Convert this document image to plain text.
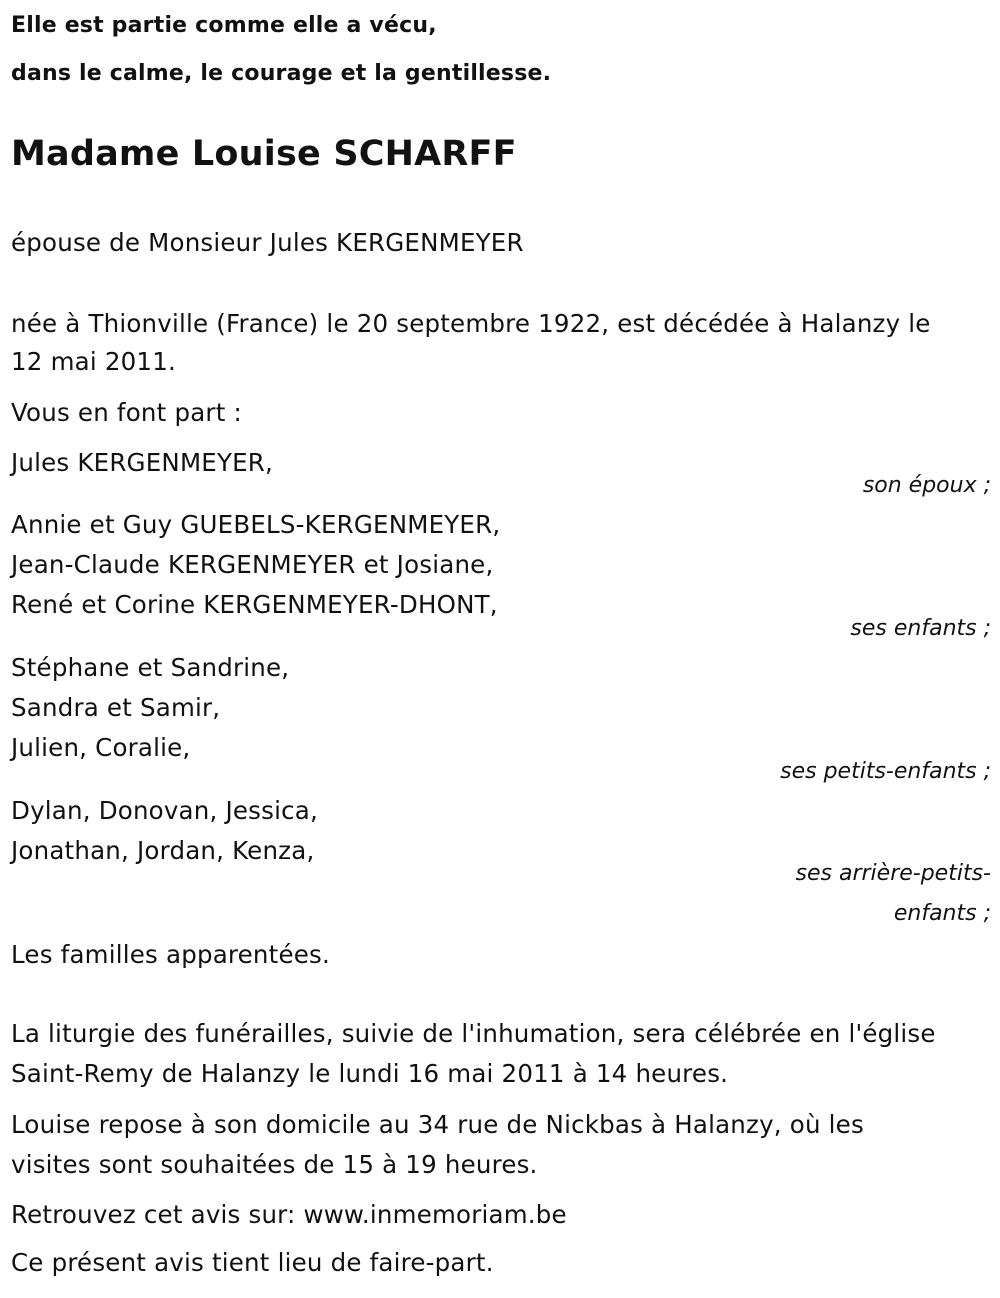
Elle est partie comme elle a vécu,
dans le calme, le courage et la gentillesse.
Madame Louise SCHARFF
épouse de Monsieur Jules KERGENMEYER
née à Thionville (France) le 20 septembre 1922, est décédée à Halanzy le
12 mai 2011.
Vous en font part :
Jules KERGENMEYER,
son époux ;
Annie et Guy GUEBELS-KERGENMEYER,
Jean-Claude KERGENMEYER et Josiane,
René et Corine KERGENMEYER-DHONT,
ses enfants ;
Stéphane et Sandrine,
Sandra et Samir,
Julien, Coralie,
ses petits-enfants ;
Dylan, Donovan, Jessica,
Jonathan, Jordan, Kenza,
ses arrière-petits-
enfants ;
Les familles apparentées.
La liturgie des funérailles, suivie de l'inhumation, sera célébrée en l'église
Saint-Remy de Halanzy le lundi 16 mai 2011 à 14 heures.
Louise repose à son domicile au 34 rue de Nickbas à Halanzy, où les
visites sont souhaitées de 15 à 19 heures.
Retrouvez cet avis sur: www.inmemoriam.be
Ce présent avis tient lieu de faire-part.
